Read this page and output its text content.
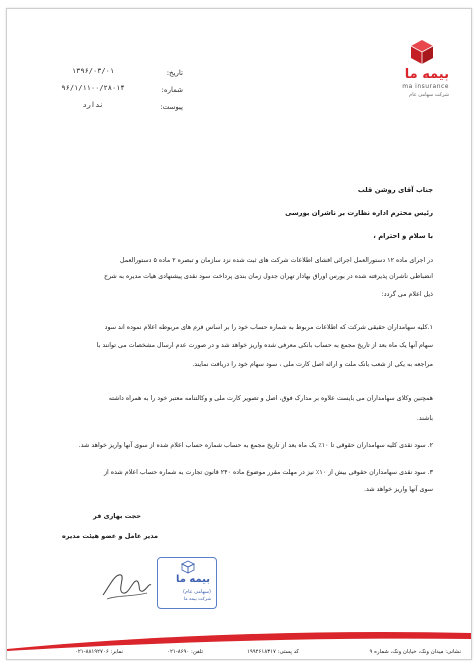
بیمه ما
ma insurance
شرکت سهامی عام
تاریخ:
۱۳۹۶/۰۳/۰۱
شماره:
۹۶/۱/۱۱۰۰/۲۸۰۱۴
پیوست:
ندارد
جناب آقای روشن قلب
رئیس محترم اداره نظارت بر ناشران بورسی
با سلام و احترام ،
در اجرای ماده ۱۲ دستورالعمل اجرائی افشای اطلاعات شرکت های ثبت شده نزد سازمان و تبصره ۲ ماده ۵ دستورالعمل
انضباطی ناشران پذیرفته شده در بورس اوراق بهادار تهران جدول زمان بندی پرداخت سود نقدی پیشنهادی هیات مدیره به شرح
ذیل اعلام می گردد:
۱.کلیه سهامداران حقیقی شرکت که اطلاعات مربوط به شماره حساب خود را بر اساس فرم های مربوطه اعلام نموده اند سود
سهام آنها یک ماه بعد از تاریخ مجمع به حساب بانکی معرفی شده واریز خواهد شد و در صورت عدم ارسال مشخصات می توانند با
مراجعه به یکی از شعب بانک ملت و ارائه اصل کارت ملی ، سود سهام خود را دریافت نمایند.
همچنین وکلای سهامداران می بایست علاوه بر مدارک فوق، اصل و تصویر کارت ملی و وکالتنامه معتبر خود را به همراه داشته
باشند.
۲. سود نقدی کلیه سهامداران حقوقی تا ۱۰٪ یک ماه بعد از تاریخ مجمع به حساب شماره حساب اعلام شده از سوی آنها واریز خواهد شد.
۳. سود نقدی سهامداران حقوقی بیش از ۱۰٪ نیز در مهلت مقرر موضوع ماده ۲۴۰ قانون تجارت به شماره حساب اعلام شده از
سوی آنها واریز خواهد شد.
حجت بهاری فر
مدیر عامل و عضو هیئت مدیره
بیمه ما
(سهامی عام)
شرکت بیمه ما
نشانی: میدان ونک، خیابان ونک، شماره ۹
کد پستی: ۱۹۹۴۶۱۸۳۱۷
تلفن: ۸۶۹۰-۰۲۱
نمابر: ۸۸۱۹۲۷۰۶-۰۲۱
